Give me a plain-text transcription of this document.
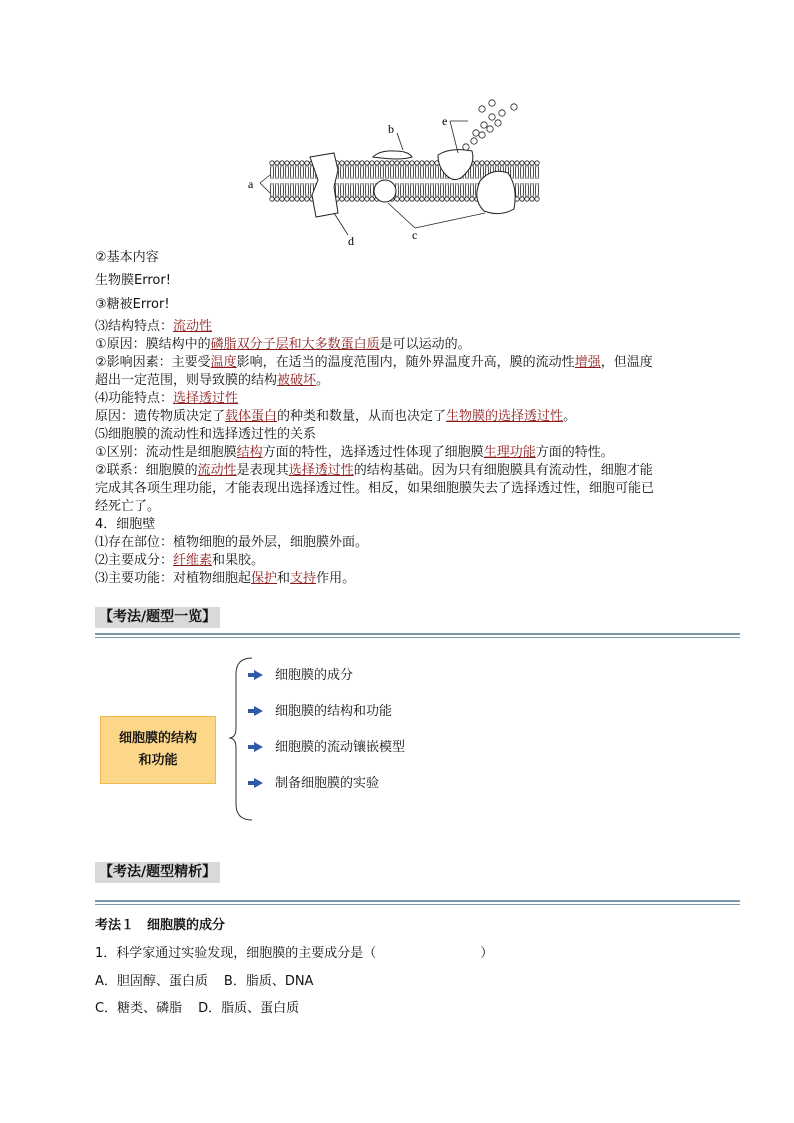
a
b
c
d
e
②基本内容
生物膜Error!
③糖被Error!
⑶结构特点：流动性
①原因：膜结构中的磷脂双分子层和大多数蛋白质是可以运动的。
②影响因素：主要受温度影响，在适当的温度范围内，随外界温度升高，膜的流动性增强，但温度
超出一定范围，则导致膜的结构被破坏。
⑷功能特点：选择透过性
原因：遗传物质决定了载体蛋白的种类和数量，从而也决定了生物膜的选择透过性。
⑸细胞膜的流动性和选择透过性的关系
①区别：流动性是细胞膜结构方面的特性，选择透过性体现了细胞膜生理功能方面的特性。
②联系：细胞膜的流动性是表现其选择透过性的结构基础。因为只有细胞膜具有流动性，细胞才能
完成其各项生理功能，才能表现出选择透过性。相反，如果细胞膜失去了选择透过性，细胞可能已
经死亡了。
4．细胞壁
⑴存在部位：植物细胞的最外层，细胞膜外面。
⑵主要成分：纤维素和果胶。
⑶主要功能：对植物细胞起保护和支持作用。
【考法/题型一览】
细胞膜的结构
和功能
细胞膜的成分
细胞膜的结构和功能
细胞膜的流动镶嵌模型
制备细胞膜的实验
【考法/题型精析】
考法１　细胞膜的成分
1．科学家通过实验发现，细胞膜的主要成分是（　　　　　　　　）
A．胆固醇、蛋白质 B．脂质、DNA
C．糖类、磷脂 D．脂质、蛋白质
